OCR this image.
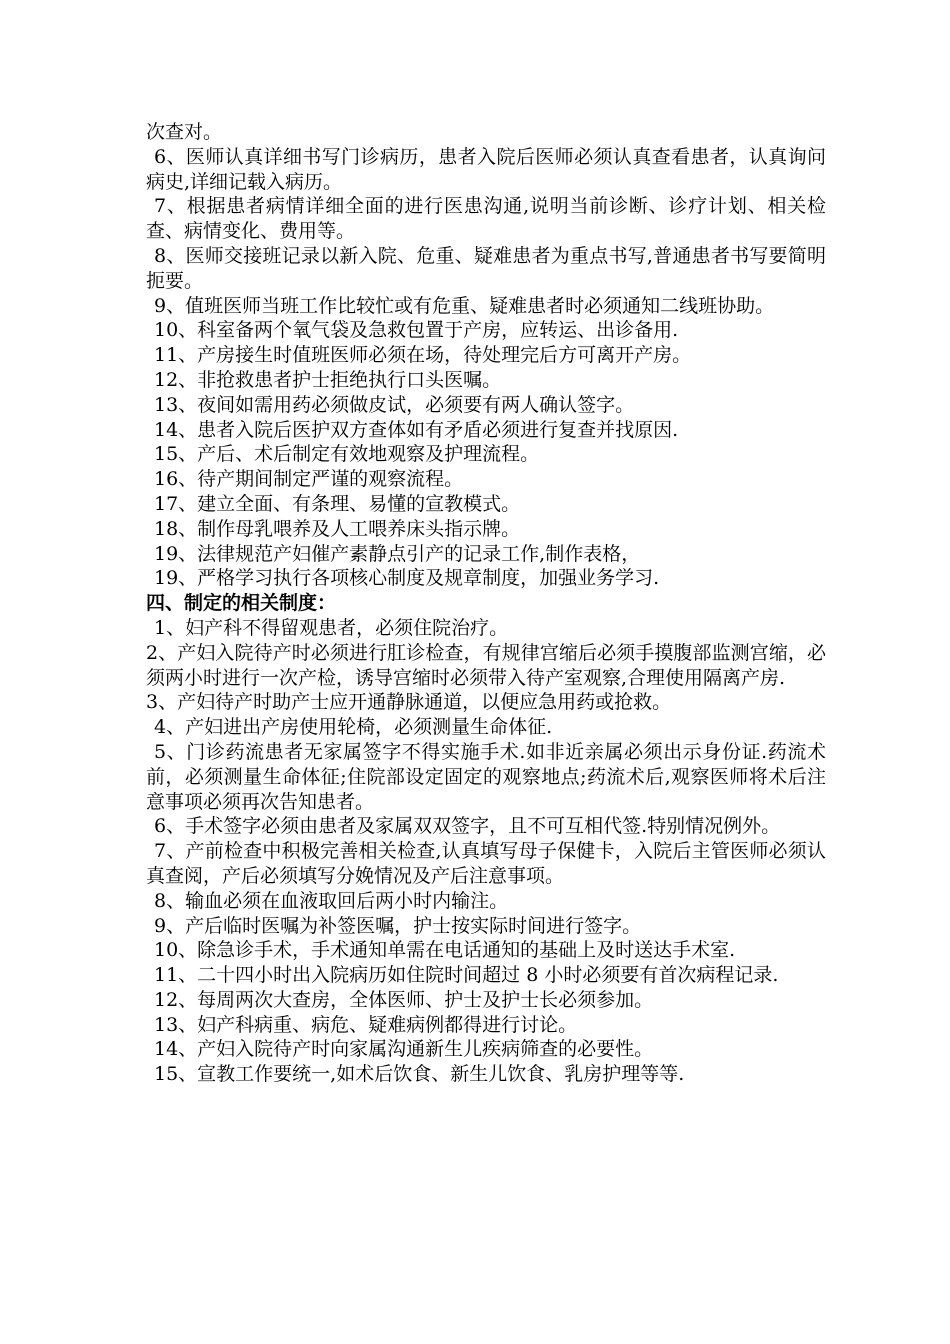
次查对。

6、医师认真详细书写门诊病历，患者入院后医师必须认真查看患者，认真询问病史,详细记载入病历。

7、根据患者病情详细全面的进行医患沟通,说明当前诊断、诊疗计划、相关检查、病情变化、费用等。

8、医师交接班记录以新入院、危重、疑难患者为重点书写,普通患者书写要简明扼要。

9、值班医师当班工作比较忙或有危重、疑难患者时必须通知二线班协助。

10、科室备两个氧气袋及急救包置于产房，应转运、出诊备用.

11、产房接生时值班医师必须在场，待处理完后方可离开产房。

12、非抢救患者护士拒绝执行口头医嘱。

13、夜间如需用药必须做皮试，必须要有两人确认签字。

14、患者入院后医护双方查体如有矛盾必须进行复查并找原因.

15、产后、术后制定有效地观察及护理流程。

16、待产期间制定严谨的观察流程。

17、建立全面、有条理、易懂的宣教模式。

18、制作母乳喂养及人工喂养床头指示牌。

19、法律规范产妇催产素静点引产的记录工作,制作表格，

19、严格学习执行各项核心制度及规章制度，加强业务学习.

四、制定的相关制度：

1、妇产科不得留观患者，必须住院治疗。

2、产妇入院待产时必须进行肛诊检查，有规律宫缩后必须手摸腹部监测宫缩，必须两小时进行一次产检，诱导宫缩时必须带入待产室观察,合理使用隔离产房.

3、产妇待产时助产士应开通静脉通道，以便应急用药或抢救。

4、产妇进出产房使用轮椅，必须测量生命体征.

5、门诊药流患者无家属签字不得实施手术.如非近亲属必须出示身份证.药流术前，必须测量生命体征;住院部设定固定的观察地点;药流术后,观察医师将术后注意事项必须再次告知患者。

6、手术签字必须由患者及家属双双签字，且不可互相代签.特别情况例外。

7、产前检查中积极完善相关检查,认真填写母子保健卡，入院后主管医师必须认真查阅，产后必须填写分娩情况及产后注意事项。

8、输血必须在血液取回后两小时内输注。

9、产后临时医嘱为补签医嘱，护士按实际时间进行签字。

10、除急诊手术，手术通知单需在电话通知的基础上及时送达手术室.

11、二十四小时出入院病历如住院时间超过 8 小时必须要有首次病程记录.

12、每周两次大查房，全体医师、护士及护士长必须参加。

13、妇产科病重、病危、疑难病例都得进行讨论。

14、产妇入院待产时向家属沟通新生儿疾病筛查的必要性。

15、宣教工作要统一,如术后饮食、新生儿饮食、乳房护理等等.
